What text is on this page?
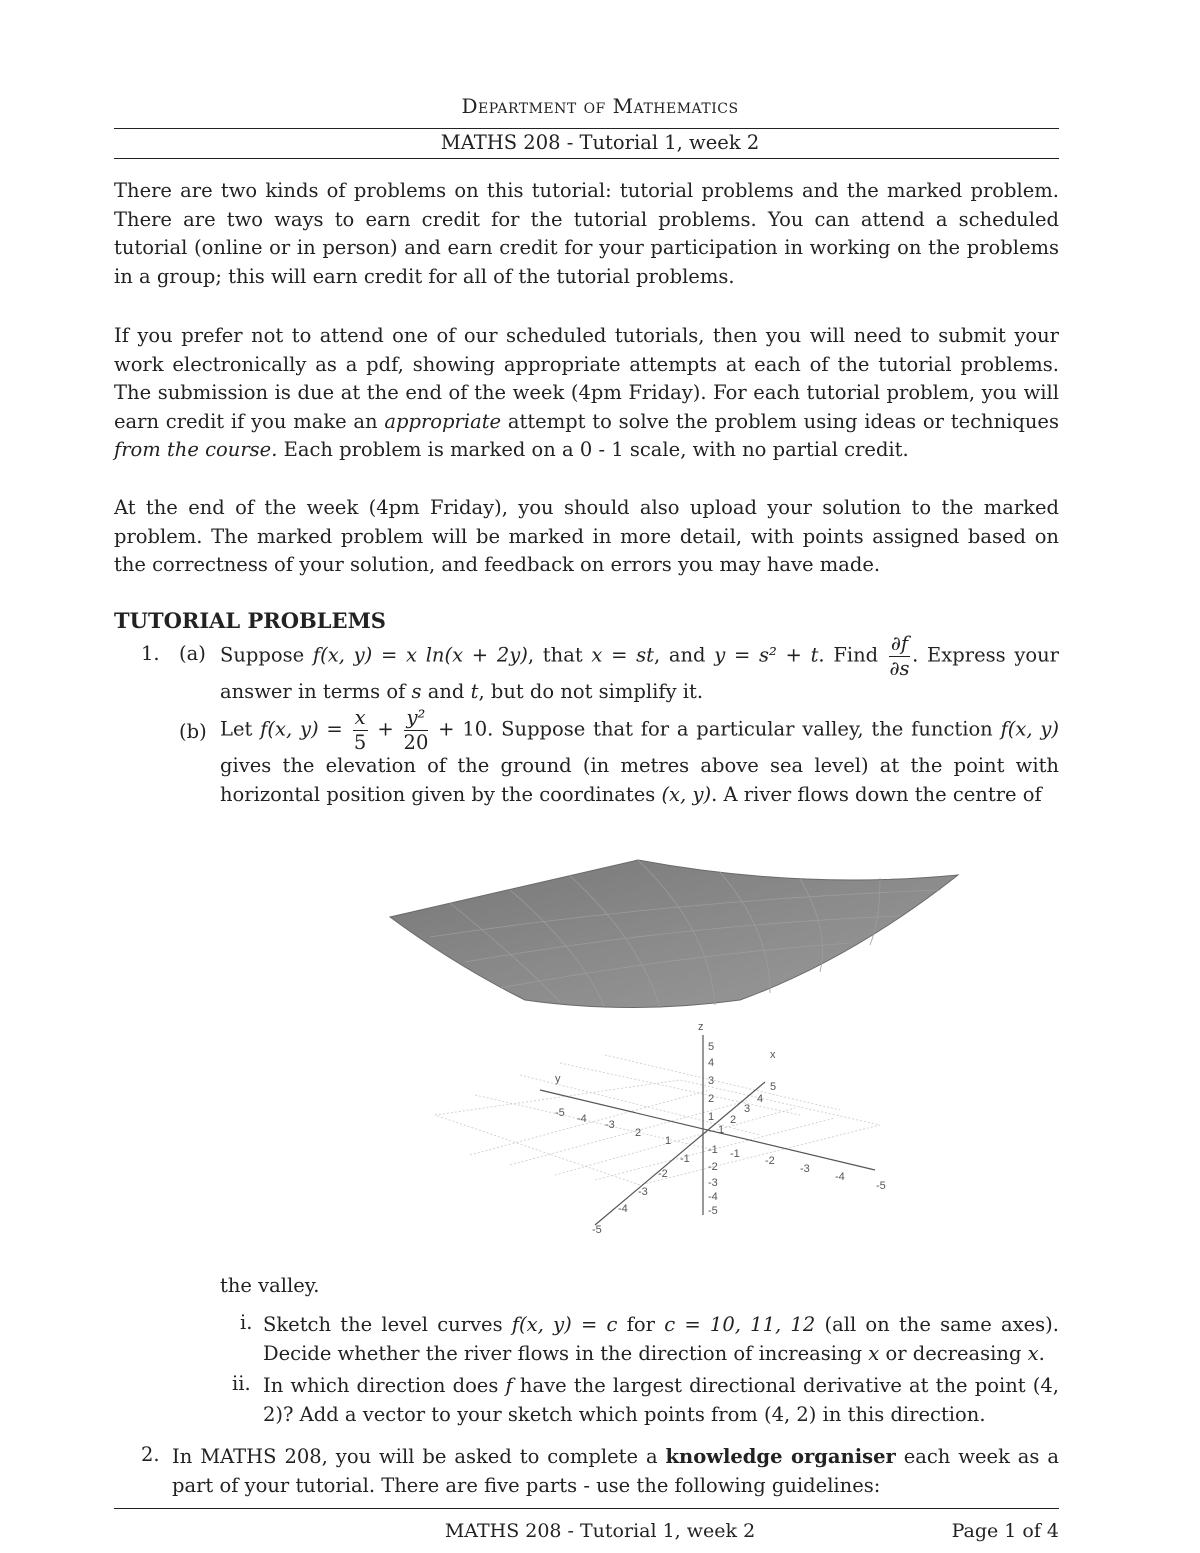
Department of Mathematics
MATHS 208 - Tutorial 1, week 2

There are two kinds of problems on this tutorial: tutorial problems and the marked problem. There are two ways to earn credit for the tutorial problems. You can attend a scheduled tutorial (online or in person) and earn credit for your participation in working on the problems in a group; this will earn credit for all of the tutorial problems.

If you prefer not to attend one of our scheduled tutorials, then you will need to submit your work electronically as a pdf, showing appropriate attempts at each of the tutorial problems. The submission is due at the end of the week (4pm Friday). For each tutorial problem, you will earn credit if you make an appropriate attempt to solve the problem using ideas or techniques from the course. Each problem is marked on a 0 - 1 scale, with no partial credit.

At the end of the week (4pm Friday), you should also upload your solution to the marked problem. The marked problem will be marked in more detail, with points assigned based on the correctness of your solution, and feedback on errors you may have made.

TUTORIAL PROBLEMS
1. (a) Suppose f(x, y) = x ln(x + 2y), that x = st, and y = s² + t. Find $\frac{\partial f}{\partial s}$ . Express your answer in terms of s and t, but do not simplify it.
(b) Let f(x, $y) = \frac{x}{5} + \frac{\text{y²}}{20} + 10$. Suppose that for a particular valley, the function f(x, y) gives the elevation of the ground (in metres above sea level) at the point with horizontal position given by the coordinates (x, y). A river flows down the centre of
z
x
y
5
4
3
2
1
-1
-2
-3
-4
-5
5
4
3
2
1
-1
-2
-3
-4
-5
-5 -4 -3
2
1
-1
-2
-3
-4
-5
the valley.
i. Sketch the level curves f(x, y) = c for c = 10, 11, 12 (all on the same axes). Decide whether the river flows in the direction of increasing x or decreasing x.
ii. In which direction does f have the largest directional derivative at the point (4, 2)? Add a vector to your sketch which points from (4, 2) in this direction.
2. In MATHS 208, you will be asked to complete a knowledge organiser each week as a part of your tutorial. There are five parts - use the following guidelines:
MATHS 208 - Tutorial 1, week 2	Page 1 of 4
